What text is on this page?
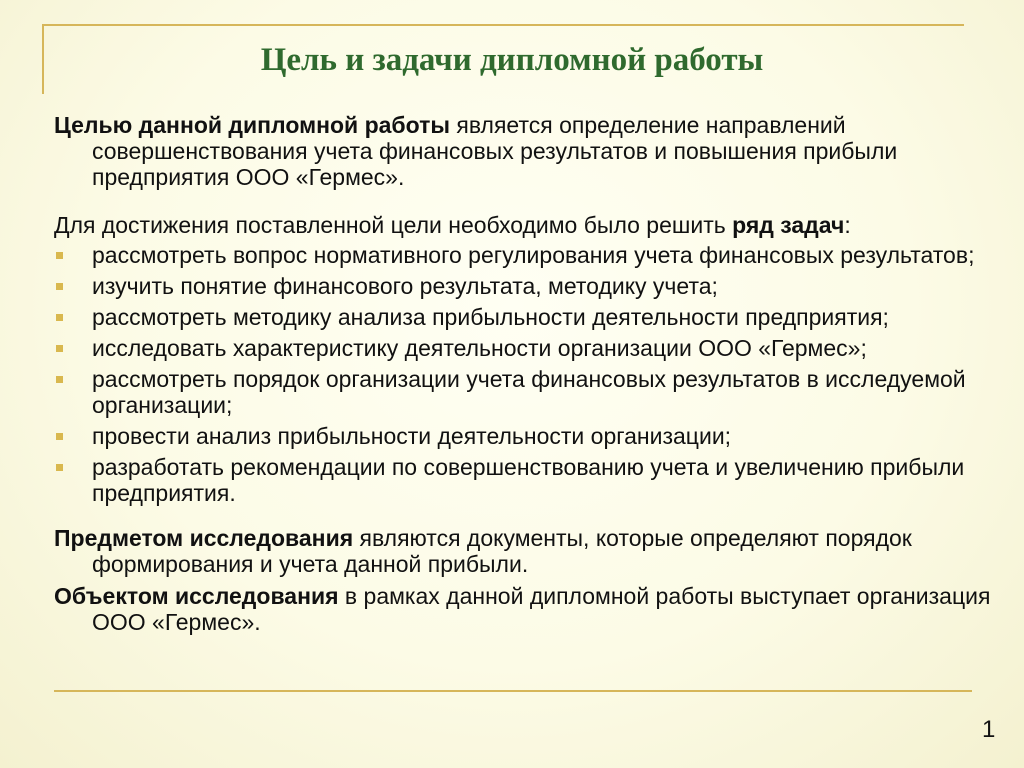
Цель и задачи дипломной работы

Целью данной дипломной работы является определение направлений совершенствования учета финансовых результатов и повышения прибыли предприятия ООО «Гермес».

Для достижения поставленной цели необходимо было решить ряд задач:

рассмотреть вопрос нормативного регулирования учета финансовых результатов;
изучить понятие финансового результата, методику учета;
рассмотреть методику анализа прибыльности деятельности предприятия;
исследовать характеристику деятельности организации ООО «Гермес»;
рассмотреть порядок организации учета финансовых результатов в исследуемой организации;
провести анализ прибыльности деятельности организации;
разработать рекомендации по совершенствованию учета и увеличению прибыли предприятия.

Предметом исследования являются документы, которые определяют порядок формирования и учета данной прибыли.

Объектом исследования в рамках данной дипломной работы выступает организация ООО «Гермес».

1
